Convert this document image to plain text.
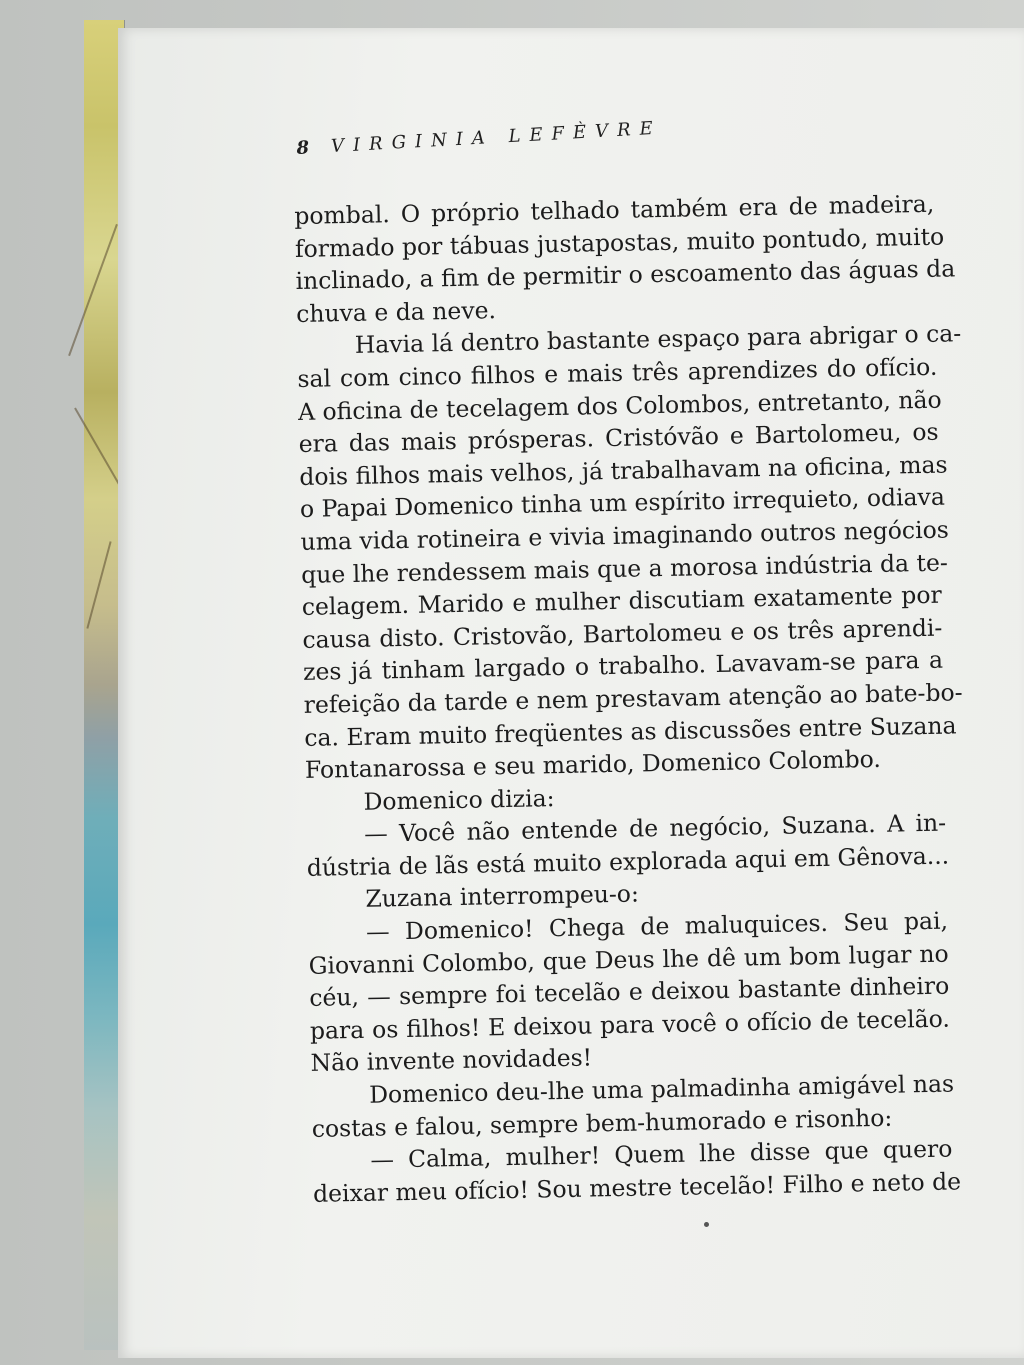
8 VIRGINIA LEFÈVRE
pombal. O próprio telhado também era de madeira,
formado por tábuas justapostas, muito pontudo, muito
inclinado, a fim de permitir o escoamento das águas da
chuva e da neve.
Havia lá dentro bastante espaço para abrigar o ca-
sal com cinco filhos e mais três aprendizes do ofício.
A oficina de tecelagem dos Colombos, entretanto, não
era das mais prósperas. Cristóvão e Bartolomeu, os
dois filhos mais velhos, já trabalhavam na oficina, mas
o Papai Domenico tinha um espírito irrequieto, odiava
uma vida rotineira e vivia imaginando outros negócios
que lhe rendessem mais que a morosa indústria da te-
celagem. Marido e mulher discutiam exatamente por
causa disto. Cristovão, Bartolomeu e os três aprendi-
zes já tinham largado o trabalho. Lavavam-se para a
refeição da tarde e nem prestavam atenção ao bate-bo-
ca. Eram muito freqüentes as discussões entre Suzana
Fontanarossa e seu marido, Domenico Colombo.
Domenico dizia:
— Você não entende de negócio, Suzana. A in-
dústria de lãs está muito explorada aqui em Gênova...
Zuzana interrompeu-o:
— Domenico! Chega de maluquices. Seu pai,
Giovanni Colombo, que Deus lhe dê um bom lugar no
céu, — sempre foi tecelão e deixou bastante dinheiro
para os filhos! E deixou para você o ofício de tecelão.
Não invente novidades!
Domenico deu-lhe uma palmadinha amigável nas
costas e falou, sempre bem-humorado e risonho:
— Calma, mulher! Quem lhe disse que quero
deixar meu ofício! Sou mestre tecelão! Filho e neto de
